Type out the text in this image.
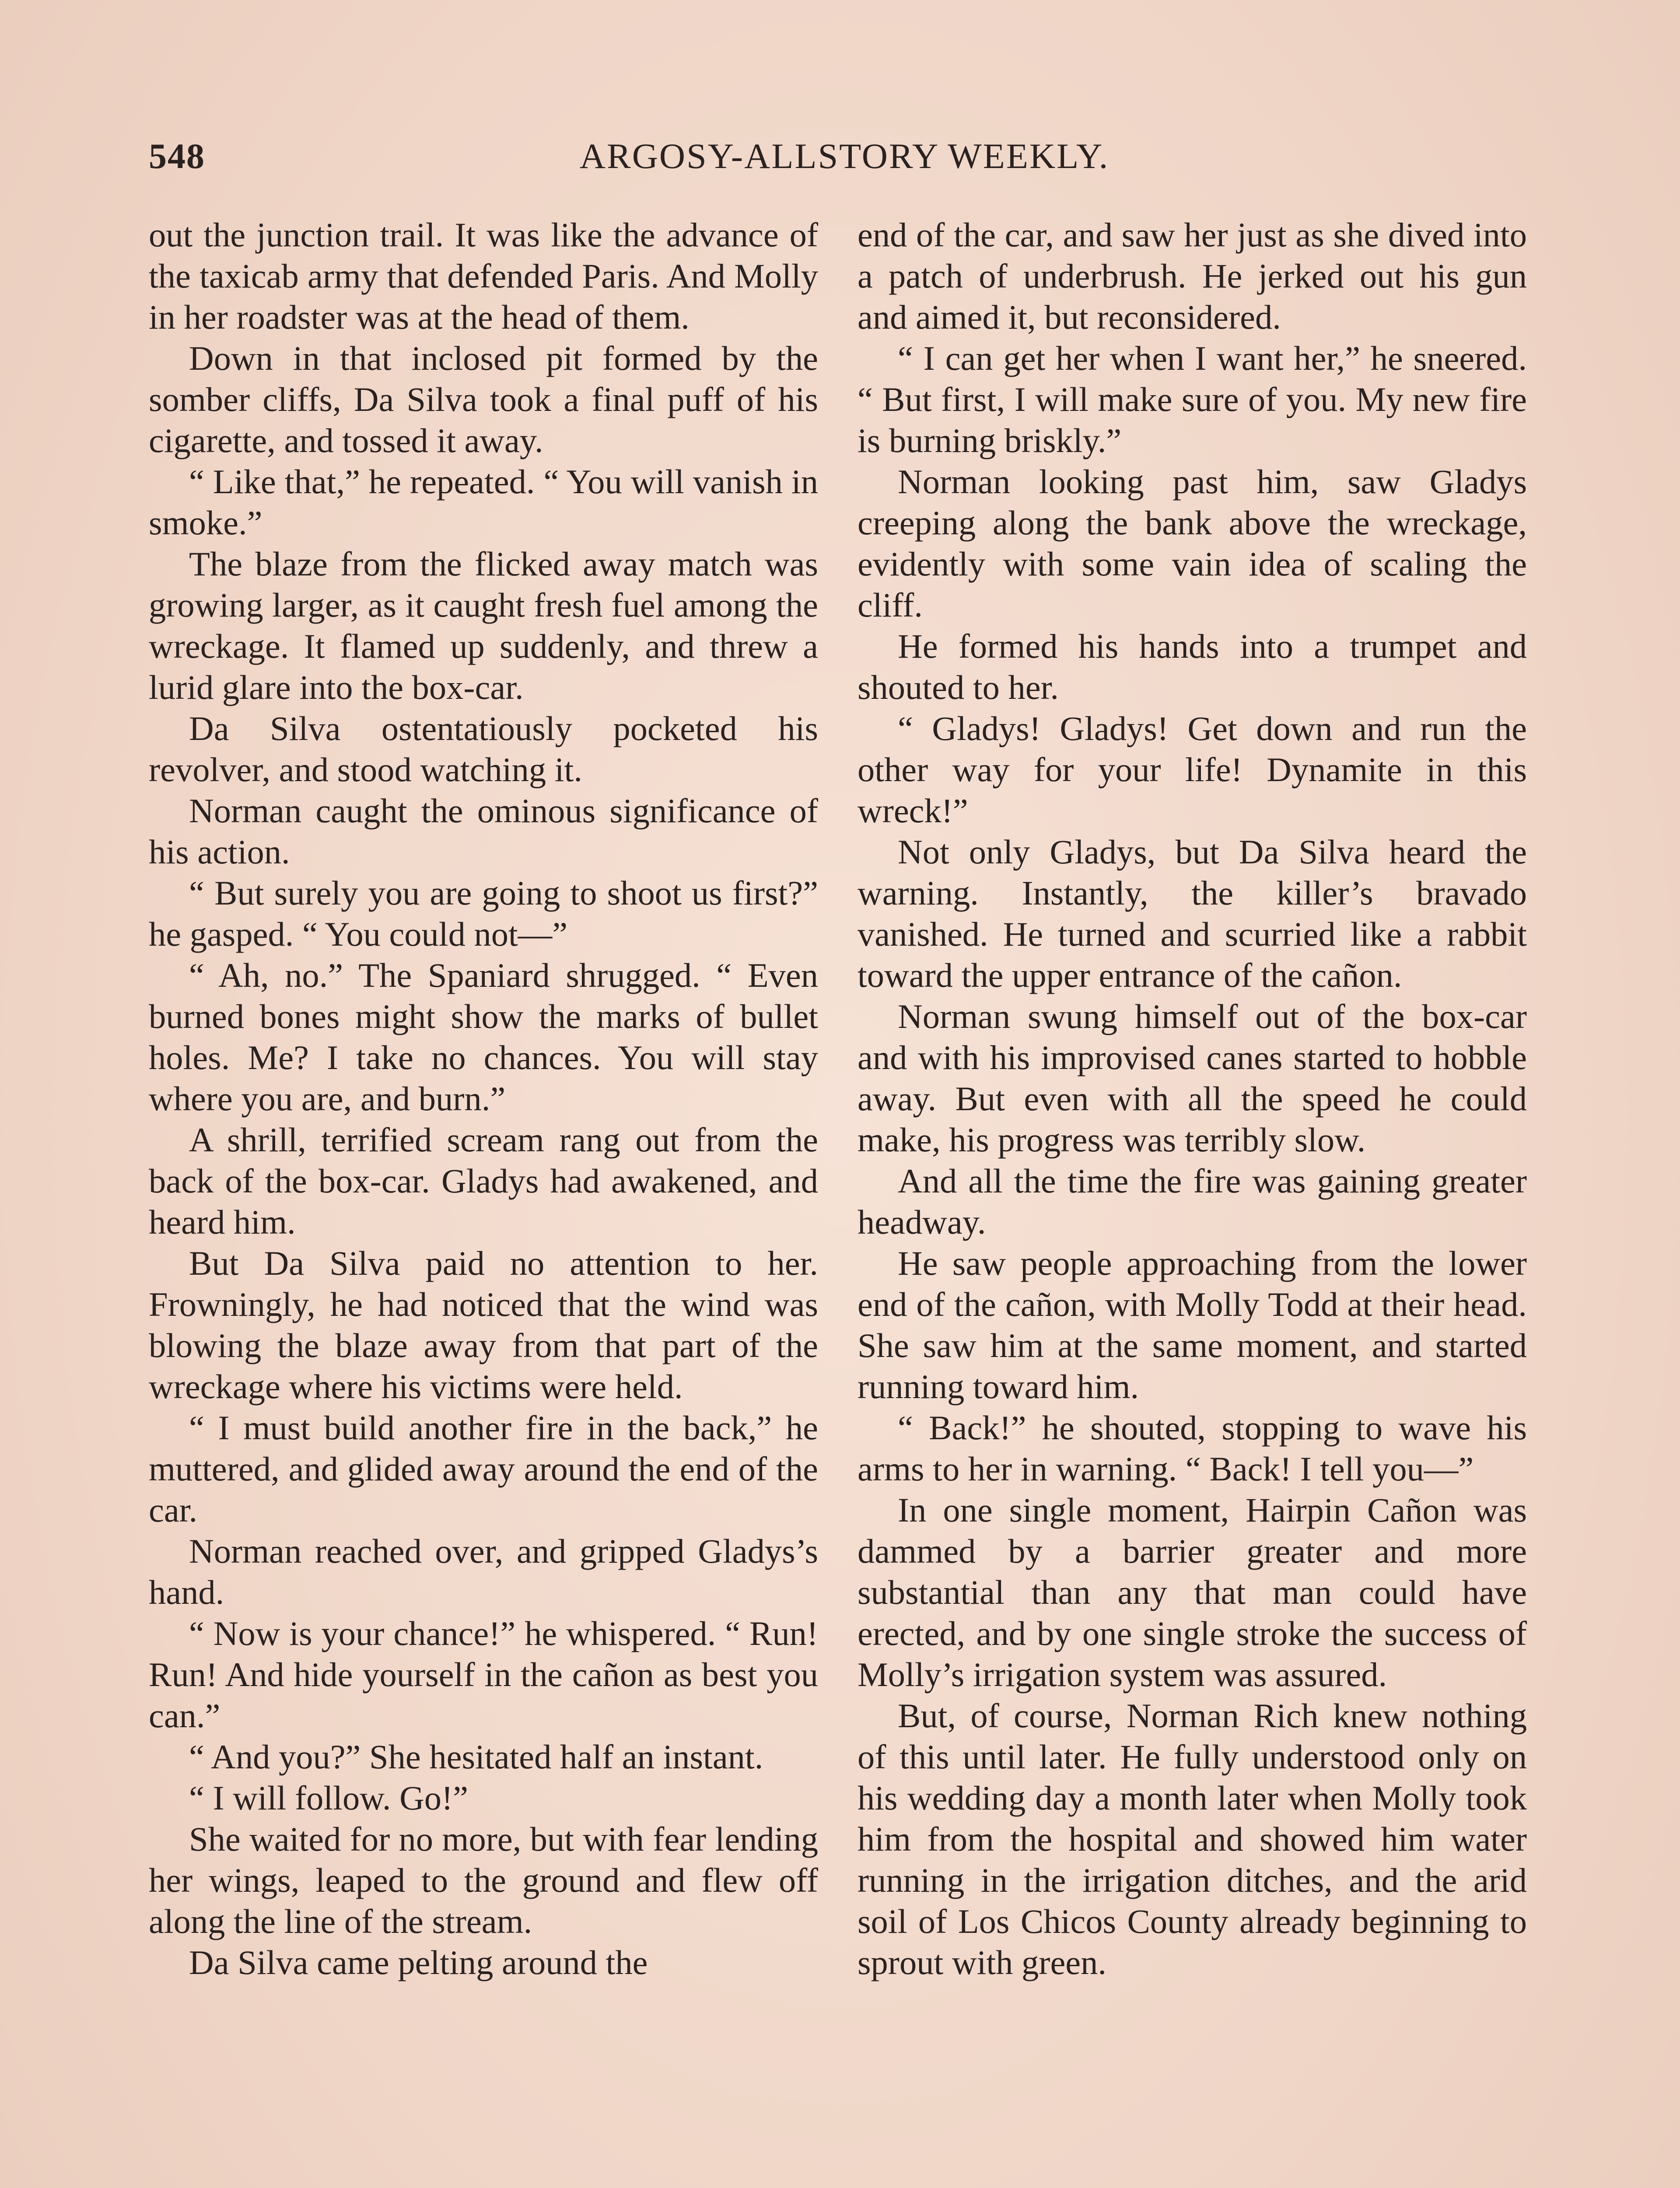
548	ARGOSY-ALLSTORY WEEKLY.

out the junction trail. It was like the advance of the taxicab army that defended Paris. And Molly in her roadster was at the head of them.

Down in that inclosed pit formed by the somber cliffs, Da Silva took a final puff of his cigarette, and tossed it away.

“ Like that,” he repeated. “ You will vanish in smoke.”

The blaze from the flicked away match was growing larger, as it caught fresh fuel among the wreckage. It flamed up suddenly, and threw a lurid glare into the box-car.

Da Silva ostentatiously pocketed his revolver, and stood watching it.

Norman caught the ominous significance of his action.

“ But surely you are going to shoot us first?” he gasped. “ You could not—”

“ Ah, no.” The Spaniard shrugged. “ Even burned bones might show the marks of bullet holes. Me? I take no chances. You will stay where you are, and burn.”

A shrill, terrified scream rang out from the back of the box-car. Gladys had awakened, and heard him.

But Da Silva paid no attention to her. Frowningly, he had noticed that the wind was blowing the blaze away from that part of the wreckage where his victims were held.

“ I must build another fire in the back,” he muttered, and glided away around the end of the car.

Norman reached over, and gripped Gladys’s hand.

“ Now is your chance!” he whispered. “ Run! Run! And hide yourself in the cañon as best you can.”

“ And you?” She hesitated half an instant.

“ I will follow. Go!”

She waited for no more, but with fear lending her wings, leaped to the ground and flew off along the line of the stream.

Da Silva came pelting around the

end of the car, and saw her just as she dived into a patch of underbrush. He jerked out his gun and aimed it, but reconsidered.

“ I can get her when I want her,” he sneered. “ But first, I will make sure of you. My new fire is burning briskly.”

Norman looking past him, saw Gladys creeping along the bank above the wreckage, evidently with some vain idea of scaling the cliff.

He formed his hands into a trumpet and shouted to her.

“ Gladys! Gladys! Get down and run the other way for your life! Dynamite in this wreck!”

Not only Gladys, but Da Silva heard the warning. Instantly, the killer’s bravado vanished. He turned and scurried like a rabbit toward the upper entrance of the cañon.

Norman swung himself out of the box-car and with his improvised canes started to hobble away. But even with all the speed he could make, his progress was terribly slow.

And all the time the fire was gaining greater headway.

He saw people approaching from the lower end of the cañon, with Molly Todd at their head. She saw him at the same moment, and started running toward him.

“ Back!” he shouted, stopping to wave his arms to her in warning. “ Back! I tell you—”

In one single moment, Hairpin Cañon was dammed by a barrier greater and more substantial than any that man could have erected, and by one single stroke the success of Molly’s irrigation system was assured.

But, of course, Norman Rich knew nothing of this until later. He fully understood only on his wedding day a month later when Molly took him from the hospital and showed him water running in the irrigation ditches, and the arid soil of Los Chicos County already beginning to sprout with green.
